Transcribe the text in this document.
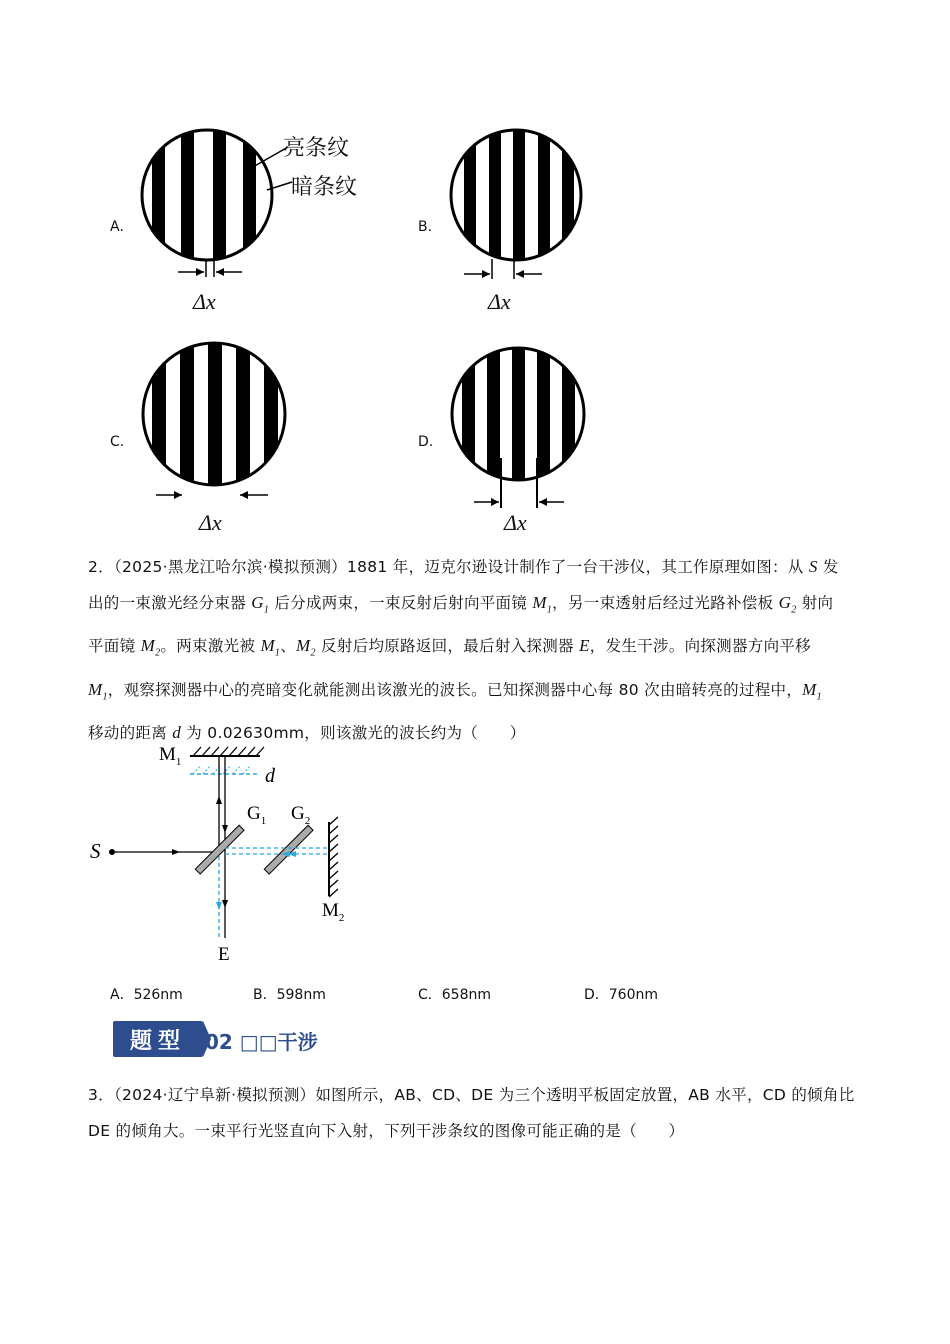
A.
亮条纹
暗条纹
Δx
B.
Δx
C.
Δx
D.
Δx

2．（2025·黑龙江哈尔滨·模拟预测）1881 年，迈克尔逊设计制作了一台干涉仪，其工作原理如图：从 S 发

出的一束激光经分束器 $G_1$ 后分成两束，一束反射后射向平面镜 $M_1$，另一束透射后经过光路补偿板 $G_2$ 射向

平面镜 $M_2$。两束激光被 $M_1$、$M_2$ 反射后均原路返回，最后射入探测器 E，发生干涉。向探测器方向平移

$M_1$，观察探测器中心的亮暗变化就能测出该激光的波长。已知探测器中心每 80 次由暗转亮的过程中，$M_1$

移动的距离 d 为 0.02630mm，则该激光的波长约为（　　）

$M_1$
d
$G_1$ $G_2$
S
$M_2$
E
A．526nm	B．598nm	C．658nm	D．760nm
题型 02 □□干涉

3．（2024·辽宁阜新·模拟预测）如图所示，AB、CD、DE 为三个透明平板固定放置，AB 水平，CD 的倾角比

DE 的倾角大。一束平行光竖直向下入射，下列干涉条纹的图像可能正确的是（　　）
